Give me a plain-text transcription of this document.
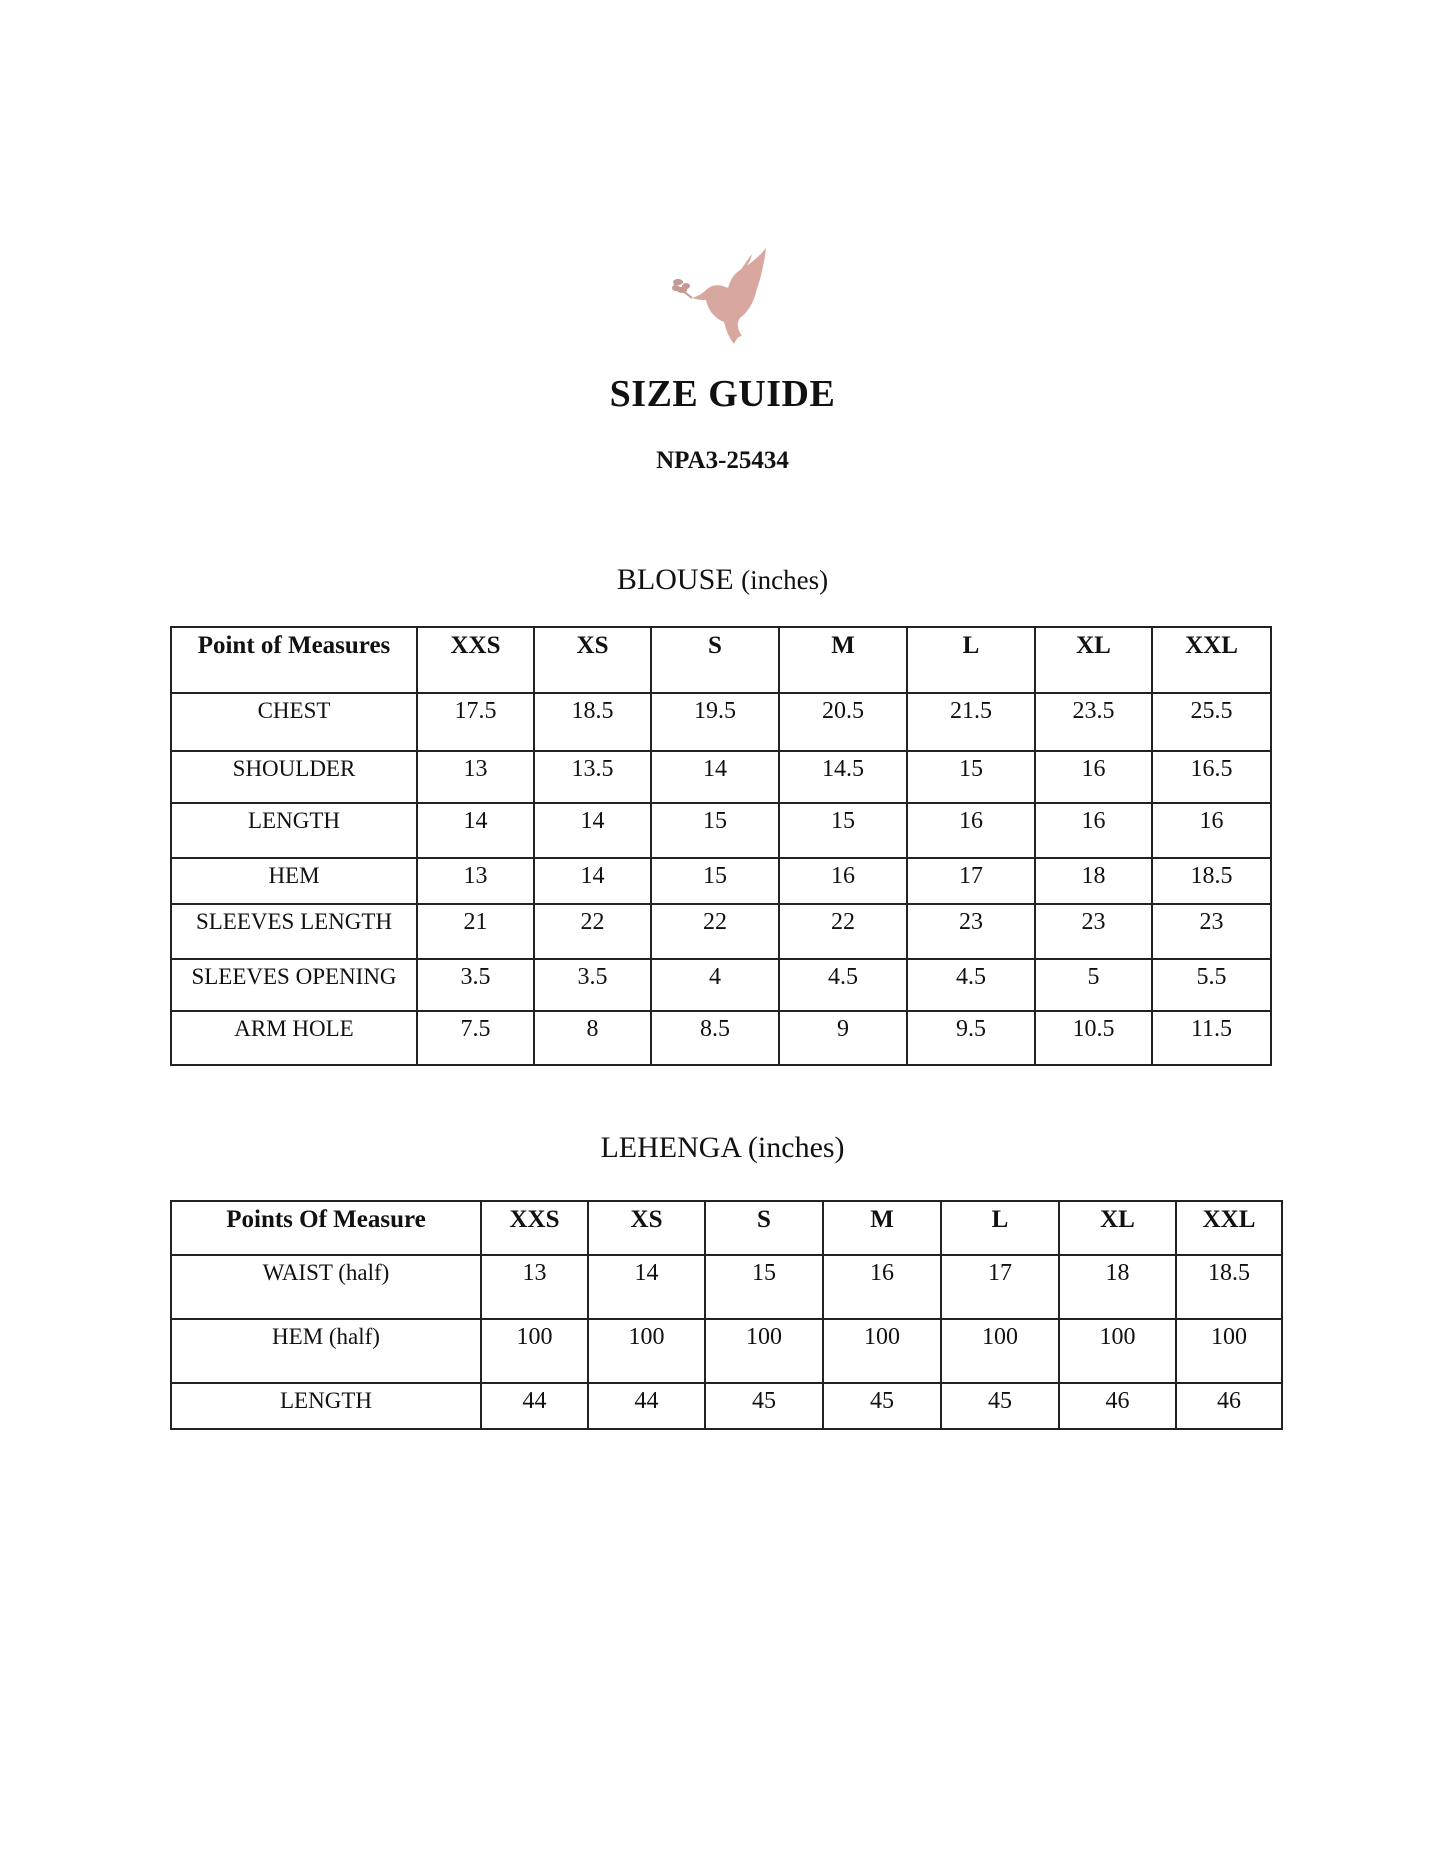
SIZE GUIDE
NPA3-25434
BLOUSE (inches)
Point of Measures	XXS	XS	S	M	L	XL	XXL
CHEST	17.5	18.5	19.5	20.5	21.5	23.5	25.5
SHOULDER	13	13.5	14	14.5	15	16	16.5
LENGTH	14	14	15	15	16	16	16
HEM	13	14	15	16	17	18	18.5
SLEEVES LENGTH	21	22	22	22	23	23	23
SLEEVES OPENING	3.5	3.5	4	4.5	4.5	5	5.5
ARM HOLE	7.5	8	8.5	9	9.5	10.5	11.5
LEHENGA (inches)
Points Of Measure	XXS	XS	S	M	L	XL	XXL
WAIST (half)	13	14	15	16	17	18	18.5
HEM (half)	100	100	100	100	100	100	100
LENGTH	44	44	45	45	45	46	46
